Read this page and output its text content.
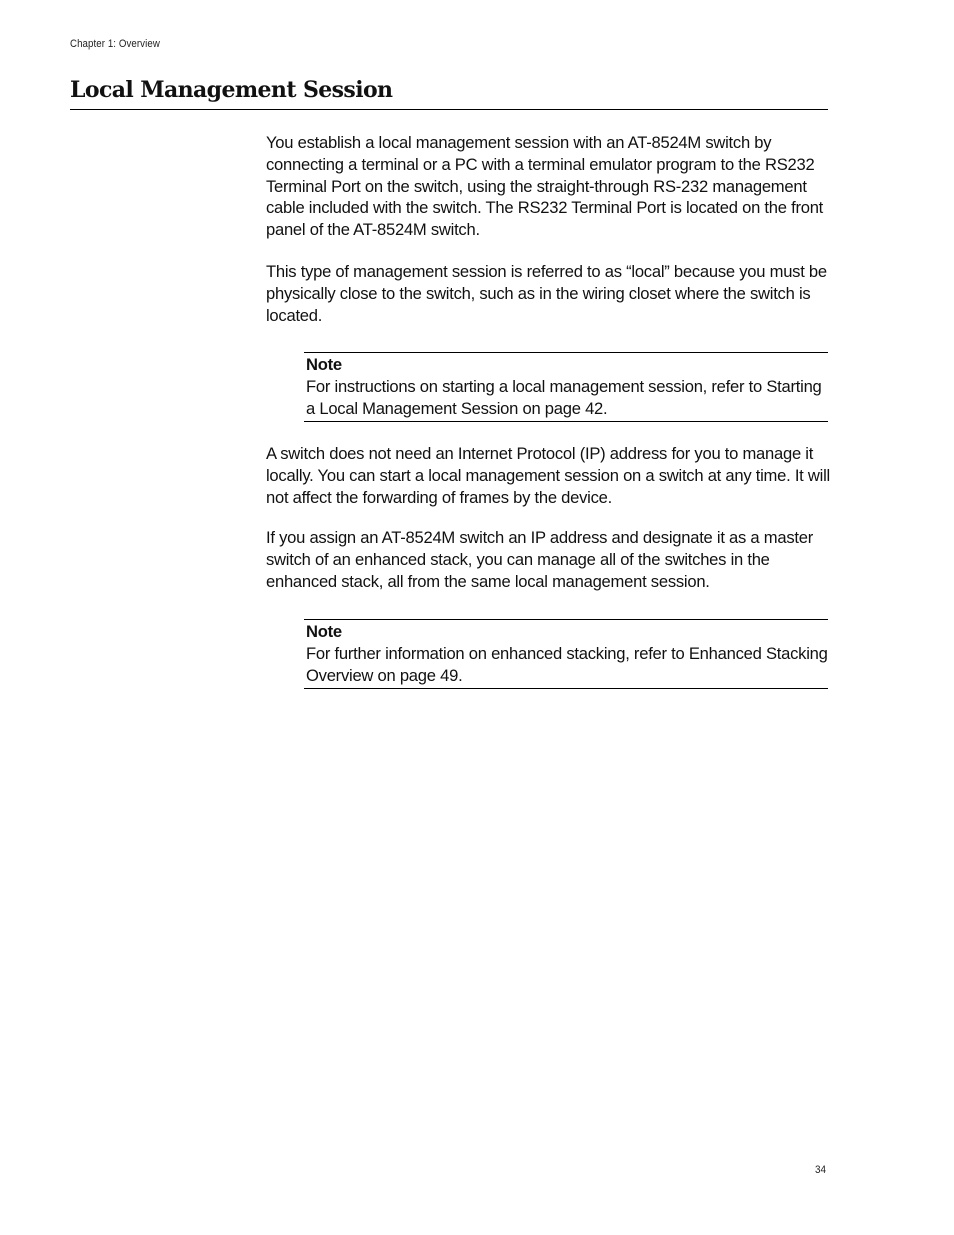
Chapter 1: Overview
Local Management Session

You establish a local management session with an AT-8524M switch by connecting a terminal or a PC with a terminal emulator program to the RS232 Terminal Port on the switch, using the straight-through RS-232 management cable included with the switch. The RS232 Terminal Port is located on the front panel of the AT-8524M switch.

This type of management session is referred to as “local” because you must be physically close to the switch, such as in the wiring closet where the switch is located.

Note
For instructions on starting a local management session, refer to Starting a Local Management Session on page 42.

A switch does not need an Internet Protocol (IP) address for you to manage it locally. You can start a local management session on a switch at any time. It will not affect the forwarding of frames by the device.

If you assign an AT-8524M switch an IP address and designate it as a master switch of an enhanced stack, you can manage all of the switches in the enhanced stack, all from the same local management session.

Note
For further information on enhanced stacking, refer to Enhanced Stacking Overview on page 49.
34
